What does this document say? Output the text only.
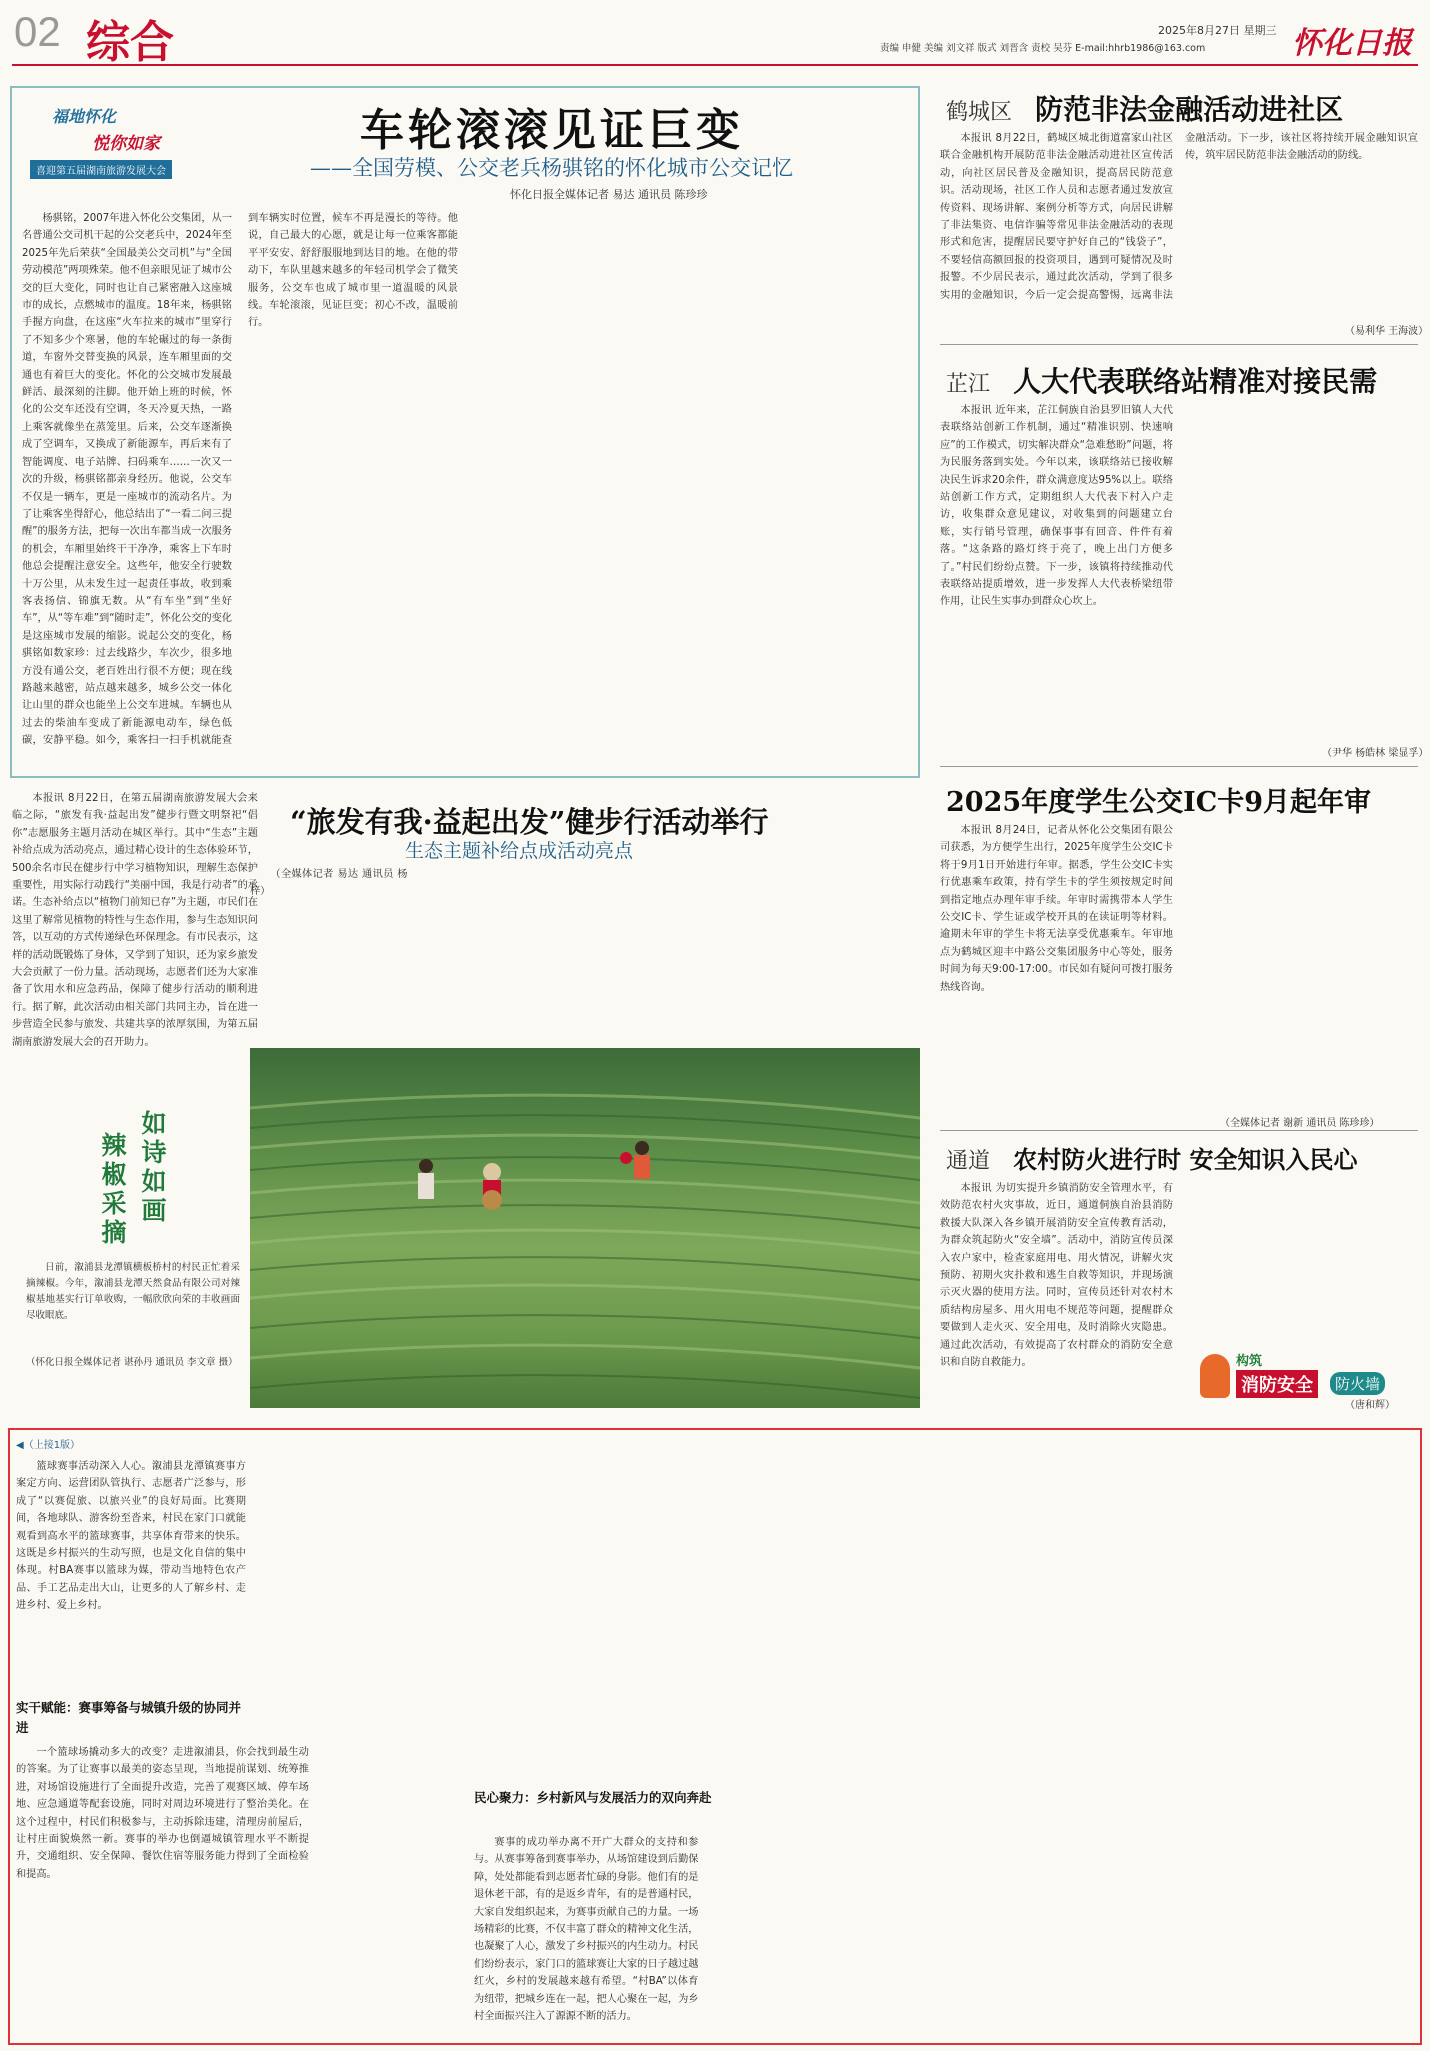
02 综合	2025年8月27日 星期三
责编 申健 美编 刘文祥 版式 刘晋含 责校 吴芬 E-mail:hhrb1986@163.com	怀化日报
福地怀化
悦你如家
喜迎第五届湖南旅游发展大会
车轮滚滚见证巨变
——全国劳模、公交老兵杨骐铭的怀化城市公交记忆
怀化日报全媒体记者 易达 通讯员 陈珍珍
杨骐铭，2007年进入怀化公交集团，从一名普通公交司机干起的公交老兵中，2024年至2025年先后荣获“全国最美公交司机”与“全国劳动模范”两项殊荣。他不但亲眼见证了城市公交的巨大变化，同时也让自己紧密融入这座城市的成长，点燃城市的温度。18年来，杨骐铭手握方向盘，在这座“火车拉来的城市”里穿行了不知多少个寒暑，他的车轮碾过的每一条街道，车窗外交替变换的风景，连车厢里面的交通也有着巨大的变化。怀化的公交城市发展最鲜活、最深刻的注脚。他开始上班的时候，怀化的公交车还没有空调，冬天冷夏天热，一路上乘客就像坐在蒸笼里。后来，公交车逐渐换成了空调车，又换成了新能源车，再后来有了智能调度、电子站牌、扫码乘车……一次又一次的升级，杨骐铭都亲身经历。他说，公交车不仅是一辆车，更是一座城市的流动名片。为了让乘客坐得舒心，他总结出了“一看二问三提醒”的服务方法，把每一次出车都当成一次服务的机会，车厢里始终干干净净，乘客上下车时他总会提醒注意安全。这些年，他安全行驶数十万公里，从未发生过一起责任事故，收到乘客表扬信、锦旗无数。从“有车坐”到“坐好车”，从“等车难”到“随时走”，怀化公交的变化是这座城市发展的缩影。说起公交的变化，杨骐铭如数家珍：过去线路少，车次少，很多地方没有通公交，老百姓出行很不方便；现在线路越来越密，站点越来越多，城乡公交一体化让山里的群众也能坐上公交车进城。车辆也从过去的柴油车变成了新能源电动车，绿色低碳，安静平稳。如今，乘客扫一扫手机就能查到车辆实时位置，候车不再是漫长的等待。他说，自己最大的心愿，就是让每一位乘客都能平平安安、舒舒服服地到达目的地。在他的带动下，车队里越来越多的年轻司机学会了微笑服务，公交车也成了城市里一道温暖的风景线。车轮滚滚，见证巨变；初心不改，温暖前行。
“旅发有我·益起出发”健步行活动举行
生态主题补给点成活动亮点
本报讯 8月22日，在第五届湖南旅游发展大会来临之际，“旅发有我·益起出发”健步行暨文明祭祀“倡你”志愿服务主题月活动在城区举行。其中“生态”主题补给点成为活动亮点，通过精心设计的生态体验环节，500余名市民在健步行中学习植物知识，理解生态保护重要性，用实际行动践行“美丽中国，我是行动者”的承诺。生态补给点以“植物门前知已存”为主题，市民们在这里了解常见植物的特性与生态作用，参与生态知识问答，以互动的方式传递绿色环保理念。有市民表示，这样的活动既锻炼了身体，又学到了知识，还为家乡旅发大会贡献了一份力量。活动现场，志愿者们还为大家准备了饮用水和应急药品，保障了健步行活动的顺利进行。据了解，此次活动由相关部门共同主办，旨在进一步营造全民参与旅发、共建共享的浓厚氛围，为第五届湖南旅游发展大会的召开助力。
（全媒体记者 易达 通讯员 杨梓）
如诗如画
辣椒采摘
日前，溆浦县龙潭镇横板桥村的村民正忙着采摘辣椒。今年，溆浦县龙潭天然食品有限公司对辣椒基地基实行订单收购，一幅欣欣向荣的丰收画面尽收眼底。
（怀化日报全媒体记者 谌孙丹 通讯员 李文章 摄）
鹤城区 防范非法金融活动进社区
本报讯 8月22日，鹤城区城北街道富家山社区联合金融机构开展防范非法金融活动进社区宣传活动，向社区居民普及金融知识，提高居民防范意识。活动现场，社区工作人员和志愿者通过发放宣传资料、现场讲解、案例分析等方式，向居民讲解了非法集资、电信诈骗等常见非法金融活动的表现形式和危害，提醒居民要守护好自己的“钱袋子”，不要轻信高额回报的投资项目，遇到可疑情况及时报警。不少居民表示，通过此次活动，学到了很多实用的金融知识，今后一定会提高警惕，远离非法金融活动。下一步，该社区将持续开展金融知识宣传，筑牢居民防范非法金融活动的防线。
（易利华 王海波）
芷江 人大代表联络站精准对接民需
本报讯 近年来，芷江侗族自治县罗旧镇人大代表联络站创新工作机制，通过“精准识别、快速响应”的工作模式，切实解决群众“急难愁盼”问题，将为民服务落到实处。今年以来，该联络站已接收解决民生诉求20余件，群众满意度达95%以上。联络站创新工作方式，定期组织人大代表下村入户走访，收集群众意见建议，对收集到的问题建立台账，实行销号管理，确保事事有回音、件件有着落。“这条路的路灯终于亮了，晚上出门方便多了。”村民们纷纷点赞。下一步，该镇将持续推动代表联络站提质增效，进一步发挥人大代表桥梁纽带作用，让民生实事办到群众心坎上。
（尹华 杨皓林 梁显孚）
2025年度学生公交IC卡9月起年审
本报讯 8月24日，记者从怀化公交集团有限公司获悉，为方便学生出行，2025年度学生公交IC卡将于9月1日开始进行年审。据悉，学生公交IC卡实行优惠乘车政策，持有学生卡的学生须按规定时间到指定地点办理年审手续。年审时需携带本人学生公交IC卡、学生证或学校开具的在读证明等材料。逾期未年审的学生卡将无法享受优惠乘车。年审地点为鹤城区迎丰中路公交集团服务中心等处，服务时间为每天9:00-17:00。市民如有疑问可拨打服务热线咨询。
（全媒体记者 谢新 通讯员 陈珍珍）
通道 农村防火进行时 安全知识入民心
本报讯 为切实提升乡镇消防安全管理水平，有效防范农村火灾事故，近日，通道侗族自治县消防救援大队深入各乡镇开展消防安全宣传教育活动，为群众筑起防火“安全墙”。活动中，消防宣传员深入农户家中，检查家庭用电、用火情况，讲解火灾预防、初期火灾扑救和逃生自救等知识，并现场演示灭火器的使用方法。同时，宣传员还针对农村木质结构房屋多、用火用电不规范等问题，提醒群众要做到人走火灭、安全用电，及时消除火灾隐患。通过此次活动，有效提高了农村群众的消防安全意识和自防自救能力。
（唐和辉）
构筑
消防安全	防火墙
◀（上接1版）
篮球赛事活动深入人心。溆浦县龙潭镇赛事方案定方向、运营团队管执行、志愿者广泛参与，形成了“以赛促旅、以旅兴业”的良好局面。比赛期间，各地球队、游客纷至沓来，村民在家门口就能观看到高水平的篮球赛事，共享体育带来的快乐。这既是乡村振兴的生动写照，也是文化自信的集中体现。村BA赛事以篮球为媒，带动当地特色农产品、手工艺品走出大山，让更多的人了解乡村、走进乡村、爱上乡村。
实干赋能：赛事筹备与城镇升级的协同并进
一个篮球场撬动多大的改变？走进溆浦县，你会找到最生动的答案。为了让赛事以最美的姿态呈现，当地提前谋划、统筹推进，对场馆设施进行了全面提升改造，完善了观赛区域、停车场地、应急通道等配套设施，同时对周边环境进行了整治美化。在这个过程中，村民们积极参与，主动拆除违建，清理房前屋后，让村庄面貌焕然一新。赛事的举办也倒逼城镇管理水平不断提升，交通组织、安全保障、餐饮住宿等服务能力得到了全面检验和提高。
民心聚力：乡村新风与发展活力的双向奔赴
赛事的成功举办离不开广大群众的支持和参与。从赛事筹备到赛事举办，从场馆建设到后勤保障，处处都能看到志愿者忙碌的身影。他们有的是退休老干部，有的是返乡青年，有的是普通村民，大家自发组织起来，为赛事贡献自己的力量。一场场精彩的比赛，不仅丰富了群众的精神文化生活，也凝聚了人心，激发了乡村振兴的内生动力。村民们纷纷表示，家门口的篮球赛让大家的日子越过越红火，乡村的发展越来越有希望。“村BA”以体育为纽带，把城乡连在一起，把人心聚在一起，为乡村全面振兴注入了源源不断的活力。
